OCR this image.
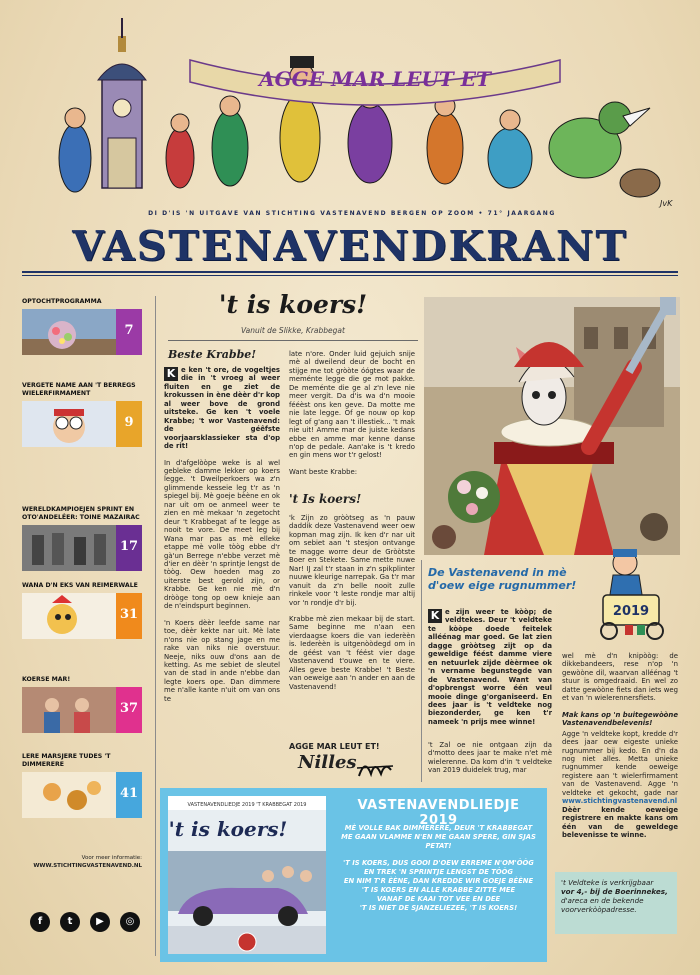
AGGE MAR LEUT ET
JvK
DI D'IS 'N UITGAVE VAN STICHTING VASTENAVEND BERGEN OP ZOOM • 71° JAARGANG
VASTENAVENDKRANT
OPTOCHTPROGRAMMA
7
VERGETE NAME AAN 'T BERREGS WIELERFIRMAMENT
9
WERELDKAMPIOEJEN SPRINT EN OTO'ANDELÉER: TOINE MAZAIRAC
17
WANA D'N EKS VAN REIMERWALE
31
KOERSE MAR!
37
LERE MARSJERE TUDES 'T DIMMERERE
41
Voor meer informatie:
WWW.STICHTINGVASTENAVEND.NL
f	t	▶	◎
't is koers!
Vanuit de Slikke, Krabbegat
Beste Krabbe!

K e ken 't ore, de vogeltjes die in 't vroeg al weer fluiten en ge ziet de krokussen in ène dèèr d'r kop al weer bove de grond uitsteke. Ge ken 't voele Krabbe; 't wor Vastenavend: de géêfste voorjaarsklassieker sta d'op de rit!

In d'afgelòòpe weke is al wel gebleke damme lekker op koers legge. 't Dweilperkoers wa z'n glimmende kesseie leg t'r as 'n spiegel bij. Mè goeje bèène en ok nar uit om oe anmeel weer te zien en mè mekaar 'n zegetocht deur 't Krabbegat af te legge as nooit te vore. De meet leg bij Wana mar pas as mè elleke etappe mè volle tòòg ebbe d'r gà'un Berrege n'ebbe verzet mè d'ier en dèèr 'n sprintje lengst de tòòg. Oew hoeden mag zo uiterste best gerold zijn, or Krabbe. Ge ken nie mè d'n dròòge tong op oew knieje aan de n'eindspurt beginnen.

'n Koers dèèr leefde same nar toe, dèèr kekte nar uit. Mè late n'ons nie op stang jage en me rake van niks nie overstuur. Neeje, niks ouw d'ons aan de ketting. As me sebiet de sleutel van de stad in ande n'ebbe dan legte koers ope. Dan dimmere me n'alle kante n'uit om van ons te

late n'ore. Onder luid gejuich snije mè al dweilend deur de bocht en stijge me tot gròòte óógtes waar de meménte legge die ge mot pakke. De meménte die ge al z'n leve nie meer vergit. Da d'is wa d'n mooie fééèst ons ken geve. Da motte me nie late legge. Of ge nouw op kop legt of g'ang aan 't illestiek... 't mak nie uit! Amme mar de juiste kedans ebbe en amme mar kenne danse n'op de pedale. Aan'ake is 't kredo en gin mens wor t'r gelost!

Want beste Krabbe:

't Is koers!

'k Zijn zo gròòtseg as 'n pauw daddik deze Vastenavend weer oew kopman mag zijn. Ik ken d'r nar uit om sebiet aan 't stesjon ontvange te magge worre deur de Gròòtste Boer en Stekete. Same mette nuwe Nar! IJ zal t'r staan in z'n spikplinter nuuwe kleurige narrepak. Ga t'r mar vanuit da z'n belle nooit zulle rinkele voor 't leste rondje mar altij vor 'n rondje d'r bij.

Krabbe mè zien mekaar bij de start. Same beginne me n'aan een vierdaagse koers die van iederèèn is. Iederèèn is uitgenòòdegd om in de géést van 't féést vier dage Vastenavend t'ouwe en te viere. Alles geve beste Krabbe! 't Beste van oeweige aan 'n ander en aan de Vastenavend!

AGGE MAR LEUT ET!
Nilles
De Vastenavend in mè d'oew eige rugnummer!
2019

K e zijn weer te kòòp; de veldtekes. Deur 't veldteke te kòòpe doede feitelek alléénag mar goed. Ge lat zien dagge gròòtseg zijt op da geweldige féést damme viere en netuurlek zijde dèèrmee ok 'n vername begunstegde van de Vastenavend. Want van d'opbrengst worre één veul mooie dinge g'organiseerd. En dees jaar is 't veldteke nog biezonderder, ge ken t'r nameek 'n prijs mee winne!

't Zal oe nie ontgaan zijn da d'motto dees jaar te make n'et mè wielerenne. Da kom d'in 't veldteke van 2019 duidelek trug, mar

wel mè d'n knipòòg: de dikkebandeers, rese n'op 'n gewòòne dil, waarvan alléénag 't stuur is omgedraaid. En wel zo datte gewòòne fiets dan iets weg et van 'n wielerennersfiets.

Mak kans op 'n buitegewòòne Vastenavendbelevenis!

Agge 'n veldteke kopt, kredde d'r dees jaar oew eigeste unieke rugnummer bij kedo. En d'n da nog niet alles. Metta unieke rugnummer kende oeweige registere aan 't wielerfirmament van de Vastenavend. Agge 'n veldteke et gekocht, gade nar www.stichtingvastenavend.nl Dèèr kende oeweige registrere en makte kans om één van de geweldege belevenisse te winne.

't Veldteke is verkrijgbaar
vor 4,- bij de Boerinnekes,
d'areca en de bekende voorverkòòpadresse.
VASTENAVENDLIEDJE 2019 'T KRABBEGAT 2019
't is koers!
VASTENAVENDLIEDJE 2019
MÈ VOLLE BAK DIMMERERE, DEUR 'T KRABBEGAT
ME GAAN VLAMME N'EN ME GAAN SPERE, GIN SJAS PETAT!
'T IS KOERS, DUS GOOI D'OEW ERREME N'OM'ÒÒG
EN TREK 'N SPRINTJE LENGST DE TÒÒG
EN NIM T'R ÈÈNE, DAN KREDDE WIR GOEJE BÈÈNE
'T IS KOERS EN ALLE KRABBE ZITTE MEE
VANAF DE KAAI TOT VEE EN DEE
'T IS NIET DE SJANZELIEZEE, 'T IS KOERS!
